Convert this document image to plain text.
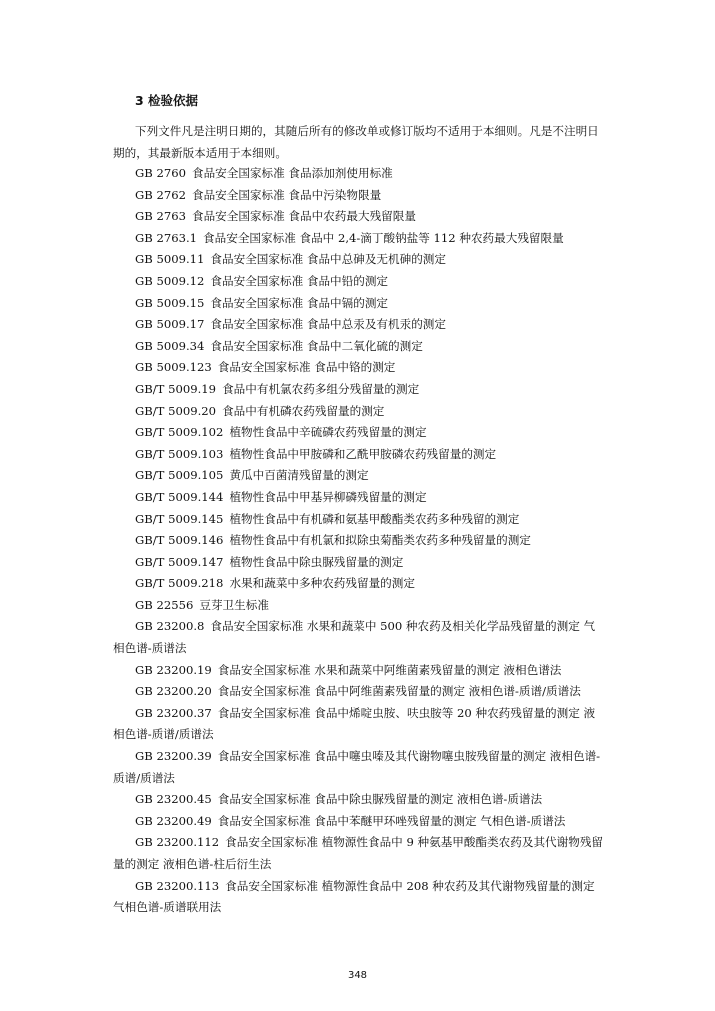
3 检验依据

下列文件凡是注明日期的，其随后所有的修改单或修订版均不适用于本细则。凡是不注明日期的，其最新版本适用于本细则。

GB 2760 食品安全国家标准 食品添加剂使用标准
GB 2762 食品安全国家标准 食品中污染物限量
GB 2763 食品安全国家标准 食品中农药最大残留限量
GB 2763.1 食品安全国家标准 食品中 2,4-滴丁酸钠盐等 112 种农药最大残留限量
GB 5009.11 食品安全国家标准 食品中总砷及无机砷的测定
GB 5009.12 食品安全国家标准 食品中铅的测定
GB 5009.15 食品安全国家标准 食品中镉的测定
GB 5009.17 食品安全国家标准 食品中总汞及有机汞的测定
GB 5009.34 食品安全国家标准 食品中二氧化硫的测定
GB 5009.123 食品安全国家标准 食品中铬的测定
GB/T 5009.19 食品中有机氯农药多组分残留量的测定
GB/T 5009.20 食品中有机磷农药残留量的测定
GB/T 5009.102 植物性食品中辛硫磷农药残留量的测定
GB/T 5009.103 植物性食品中甲胺磷和乙酰甲胺磷农药残留量的测定
GB/T 5009.105 黄瓜中百菌清残留量的测定
GB/T 5009.144 植物性食品中甲基异柳磷残留量的测定
GB/T 5009.145 植物性食品中有机磷和氨基甲酸酯类农药多种残留的测定
GB/T 5009.146 植物性食品中有机氯和拟除虫菊酯类农药多种残留量的测定
GB/T 5009.147 植物性食品中除虫脲残留量的测定
GB/T 5009.218 水果和蔬菜中多种农药残留量的测定
GB 22556 豆芽卫生标准
GB 23200.8 食品安全国家标准 水果和蔬菜中 500 种农药及相关化学品残留量的测定 气相色谱-质谱法
GB 23200.19 食品安全国家标准 水果和蔬菜中阿维菌素残留量的测定 液相色谱法
GB 23200.20 食品安全国家标准 食品中阿维菌素残留量的测定 液相色谱-质谱/质谱法
GB 23200.37 食品安全国家标准 食品中烯啶虫胺、呋虫胺等 20 种农药残留量的测定 液相色谱-质谱/质谱法
GB 23200.39 食品安全国家标准 食品中噻虫嗪及其代谢物噻虫胺残留量的测定 液相色谱-质谱/质谱法
GB 23200.45 食品安全国家标准 食品中除虫脲残留量的测定 液相色谱-质谱法
GB 23200.49 食品安全国家标准 食品中苯醚甲环唑残留量的测定 气相色谱-质谱法
GB 23200.112 食品安全国家标准 植物源性食品中 9 种氨基甲酸酯类农药及其代谢物残留量的测定 液相色谱-柱后衍生法
GB 23200.113 食品安全国家标准 植物源性食品中 208 种农药及其代谢物残留量的测定 气相色谱-质谱联用法
348
